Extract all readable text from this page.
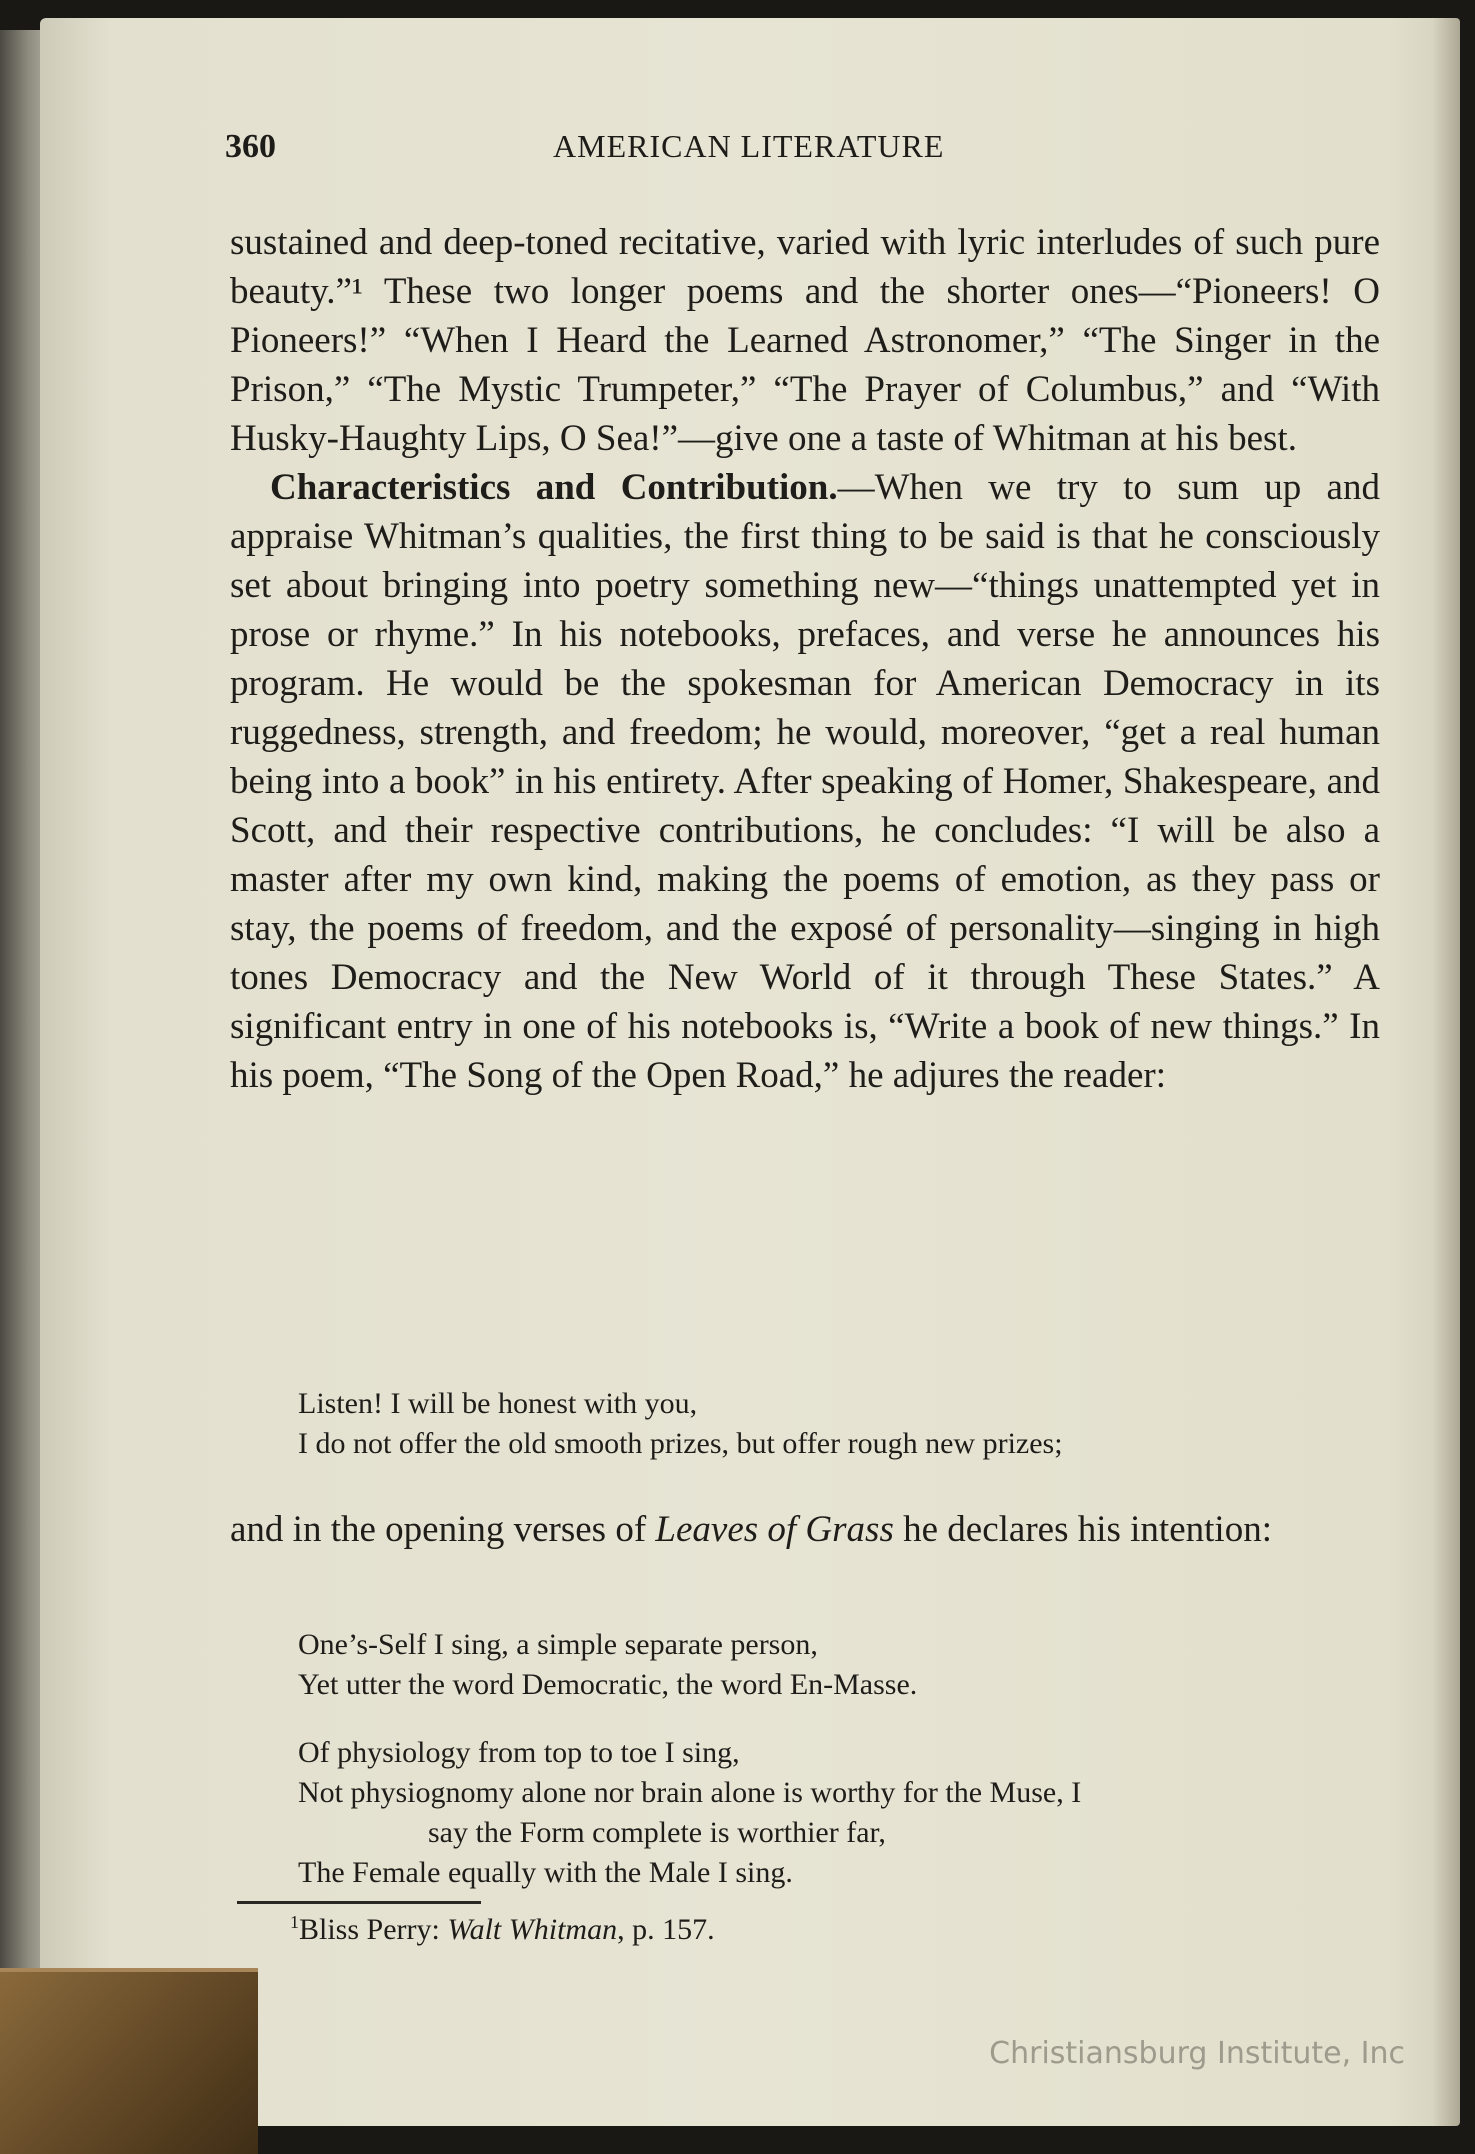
360	AMERICAN LITERATURE

sustained and deep-toned recitative, varied with lyric interludes of such pure beauty.”¹ These two longer poems and the shorter ones—“Pioneers! O Pioneers!” “When I Heard the Learned Astronomer,” “The Singer in the Prison,” “The Mystic Trumpeter,” “The Prayer of Columbus,” and “With Husky-Haughty Lips, O Sea!”—give one a taste of Whitman at his best.

Characteristics and Contribution.—When we try to sum up and appraise Whitman’s qualities, the first thing to be said is that he consciously set about bringing into poetry something new—“things unattempted yet in prose or rhyme.” In his notebooks, prefaces, and verse he announces his program. He would be the spokesman for American Democracy in its ruggedness, strength, and freedom; he would, moreover, “get a real human being into a book” in his entirety. After speaking of Homer, Shakespeare, and Scott, and their respective contributions, he concludes: “I will be also a master after my own kind, making the poems of emotion, as they pass or stay, the poems of freedom, and the exposé of personality—singing in high tones Democracy and the New World of it through These States.” A significant entry in one of his notebooks is, “Write a book of new things.” In his poem, “The Song of the Open Road,” he adjures the reader:

Listen! I will be honest with you,
I do not offer the old smooth prizes, but offer rough new prizes;

and in the opening verses of Leaves of Grass he declares his intention:

One’s-Self I sing, a simple separate person,
Yet utter the word Democratic, the word En-Masse.
Of physiology from top to toe I sing,
Not physiognomy alone nor brain alone is worthy for the Muse, I
say the Form complete is worthier far,
The Female equally with the Male I sing.
$^1$Bliss Perry: Walt Whitman, p. 157.
Christiansburg Institute, Inc
